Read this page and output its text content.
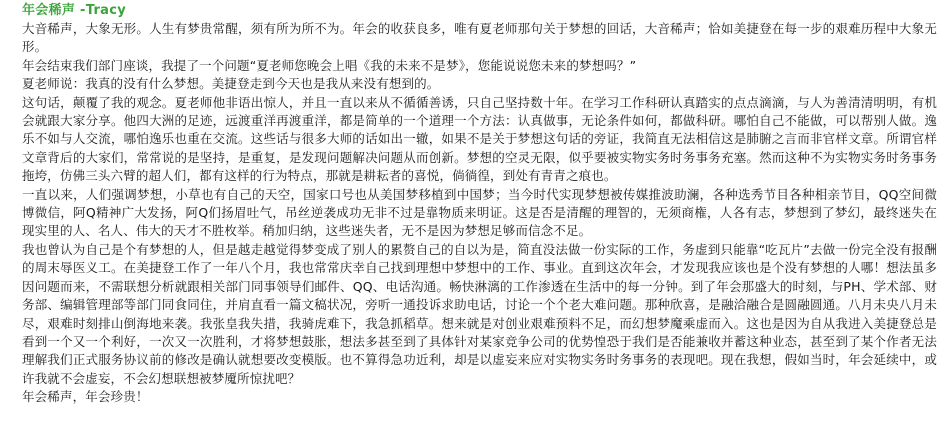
年会稀声 -Tracy

大音稀声，大象无形。人生有梦贵常醒，须有所为所不为。年会的收获良多，唯有夏老师那句关于梦想的回话，大音稀声；恰如美捷登在每一步的艰难历程中大象无形。

年会结束我们部门座谈，我提了一个问题“夏老师您晚会上唱《我的未来不是梦》，您能说说您未来的梦想吗？”

夏老师说：我真的没有什么梦想。美捷登走到今天也是我从来没有想到的。

这句话，颠覆了我的观念。夏老师他非语出惊人，并且一直以来从不循循善诱，只自己坚持数十年。在学习工作科研认真踏实的点点滴滴，与人为善清清明明，有机会就跟大家分享。他四大洲的足迹，远渡重洋再渡重洋，都是简单的一个道理一个方法：认真做事，无论条件如何，都做科研。哪怕自己不能做，可以帮别人做。逸乐不如与人交流，哪怕逸乐也重在交流。这些话与很多大师的话如出一辙，如果不是关于梦想这句话的旁证，我简直无法相信这是肺腑之言而非官样文章。所谓官样文章背后的大家们，常常说的是坚持，是重复，是发现问题解决问题从而创新。梦想的空灵无限，似乎要被实物实务时务事务充塞。然而这种不为实物实务时务事务拖垮，仿佛三头六臂的超人们，都有这样的行为特点，那就是耕耘者的喜悦，倘徜徨，到处有青青之痕也。

一直以来，人们强调梦想，小草也有自己的天空，国家口号也从美国梦移植到中国梦；当今时代实现梦想被传媒推波助澜，各种选秀节目各种相亲节目，QQ空间微博微信，阿Q精神广大发扬，阿Q们扬眉吐气，吊丝逆袭成功无非不过是靠物质来明证。这是否是清醒的理智的，无须商権，人各有志，梦想到了梦幻，最终迷失在现实里的人、名人、伟大的天才不胜枚举。稍加归纳，这些迷失者，无不是因为梦想足够而信念不足。

我也曾认为自己是个有梦想的人，但是越走越觉得梦变成了别人的累赘自己的自以为是，简直没法做一份实际的工作，务虚到只能靠“吃瓦片”去做一份完全没有报酬的周末辱医义工。在美捷登工作了一年八个月，我也常常庆幸自己找到理想中梦想中的工作、事业。直到这次年会，才发现我应该也是个没有梦想的人哪！想法虽多因问题而来，不需联想分析就跟相关部门同事领导们邮件、QQ、电话沟通。畅快淋漓的工作渗透在生活中的每一分钟。到了年会那盛大的时刻，与PH、学术部、财务部、编辑管理部等部门同食同住，并肩直看一篇文稿状况，旁听一通投诉求助电话，讨论一个个老大难问题。那种欣喜，是融洽融合是圆融圆通。八月未央八月未尽，艰难时刻排山倒海地来袭。我张皇我失措，我骑虎难下，我急抓稻草。想来就是对创业艰难预料不足，而幻想梦魔乘虚而入。这也是因为自从我进入美捷登总是看到一个又一个利好，一次又一次胜利，才将梦想鼓胀，想法多甚至到了具体针对某家竞争公司的优势惶恐于我们是否能兼收并蓄这种业态，甚至到了某个作者无法理解我们正式服务协议前的修改是确认就想要改变模版。也不算得急功近利，却是以虚妄来应对实物实务时务事务的表现吧。现在我想，假如当时，年会延续中，或许我就不会虚妄，不会幻想联想被梦魇所惊扰吧？

年会稀声，年会珍贵！
